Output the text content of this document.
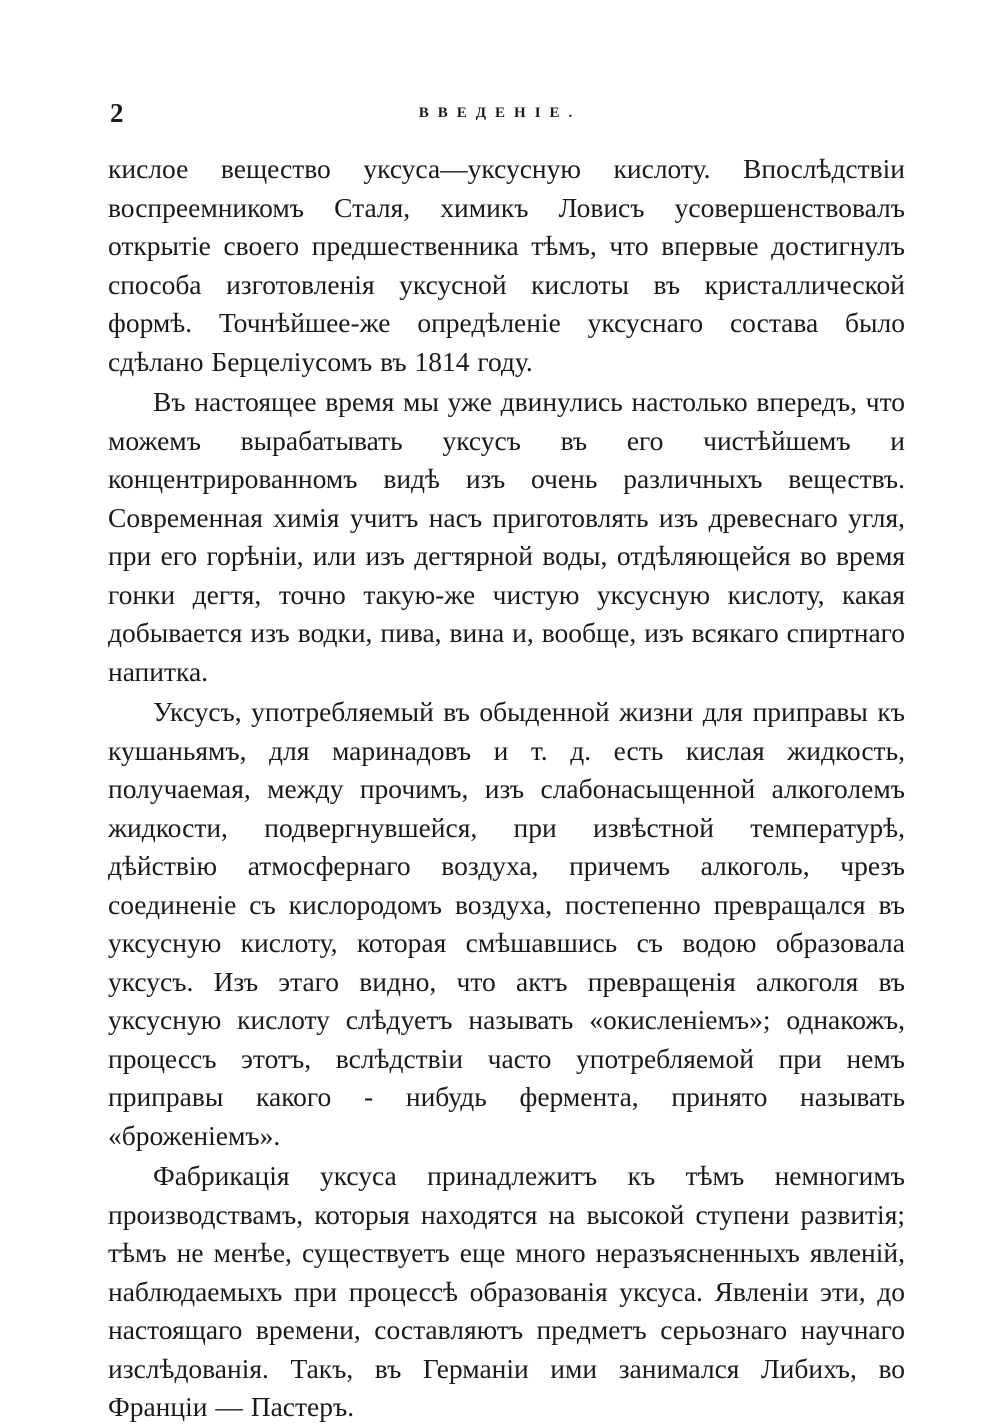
2	ВВЕДЕНІЕ.

кислое вещество уксуса—уксусную кислоту. Впослѣдствіи воспреемникомъ Сталя, химикъ Ловисъ усовершенствовалъ открытіе своего предшественника тѣмъ, что впервые достигнулъ способа изготовленія уксусной кислоты въ кристаллической формѣ. Точнѣйшее-же опредѣленіе уксуснаго состава было сдѣлано Берцеліусомъ въ 1814 году.

Въ настоящее время мы уже двинулись настолько впередъ, что можемъ вырабатывать уксусъ въ его чистѣйшемъ и концентрированномъ видѣ изъ очень различныхъ веществъ. Современная химія учитъ насъ приготовлять изъ древеснаго угля, при его горѣніи, или изъ дегтярной воды, отдѣляющейся во время гонки дегтя, точно такую-же чистую уксусную кислоту, какая добывается изъ водки, пива, вина и, вообще, изъ всякаго спиртнаго напитка.

Уксусъ, употребляемый въ обыденной жизни для приправы къ кушаньямъ, для маринадовъ и т. д. есть кислая жидкость, получаемая, между прочимъ, изъ слабонасыщенной алкоголемъ жидкости, подвергнувшейся, при извѣстной температурѣ, дѣйствію атмосфернаго воздуха, причемъ алкоголь, чрезъ соединеніе съ кислородомъ воздуха, постепенно превращался въ уксусную кислоту, которая смѣшавшись съ водою образовала уксусъ. Изъ этаго видно, что актъ превращенія алкоголя въ уксусную кислоту слѣдуетъ называть «окисленіемъ»; однакожъ, процессъ этотъ, вслѣдствіи часто употребляемой при немъ приправы какого - нибудь фермента, принято называть «броженіемъ».

Фабрикація уксуса принадлежитъ къ тѣмъ немногимъ производствамъ, которыя находятся на высокой ступени развитія; тѣмъ не менѣе, существуетъ еще много неразъясненныхъ явленій, наблюдаемыхъ при процессѣ образованія уксуса. Явленіи эти, до настоящаго времени, составляютъ предметъ серьознаго научнаго изслѣдованія. Такъ, въ Германіи ими занимался Либихъ, во Франціи — Пастеръ.
